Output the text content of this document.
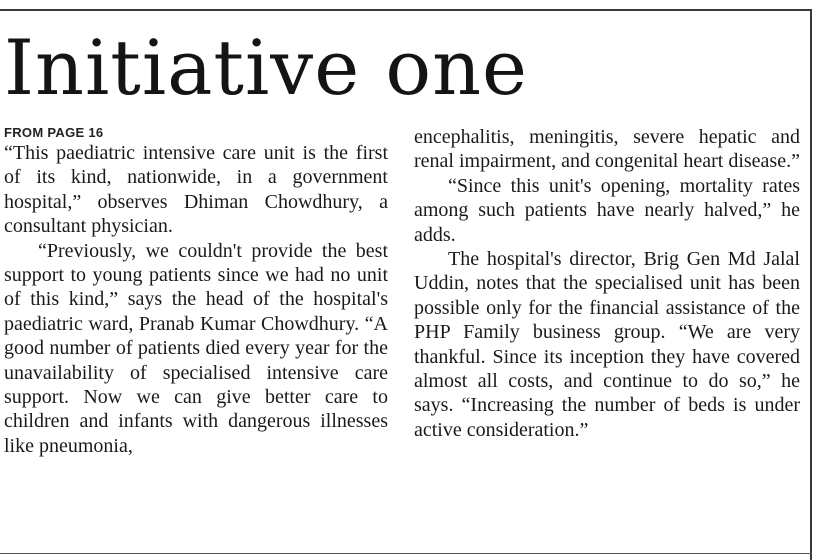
Initiative one
FROM PAGE 16

“This paediatric intensive care unit is the first of its kind, nationwide, in a government hospital,” observes Dhiman Chowdhury, a consultant physician.

“Previously, we couldn't provide the best support to young patients since we had no unit of this kind,” says the head of the hospital's paediatric ward, Pranab Kumar Chowdhury. “A good number of patients died every year for the unavailability of specialised intensive care support. Now we can give better care to children and infants with dangerous illnesses like pneumonia,

encephalitis, meningitis, severe hepatic and renal impairment, and congenital heart disease.”

“Since this unit's opening, mortality rates among such patients have nearly halved,” he adds.

The hospital's director, Brig Gen Md Jalal Uddin, notes that the specialised unit has been possible only for the financial assistance of the PHP Family business group. “We are very thankful. Since its inception they have covered almost all costs, and continue to do so,” he says. “Increasing the number of beds is under active consideration.”
